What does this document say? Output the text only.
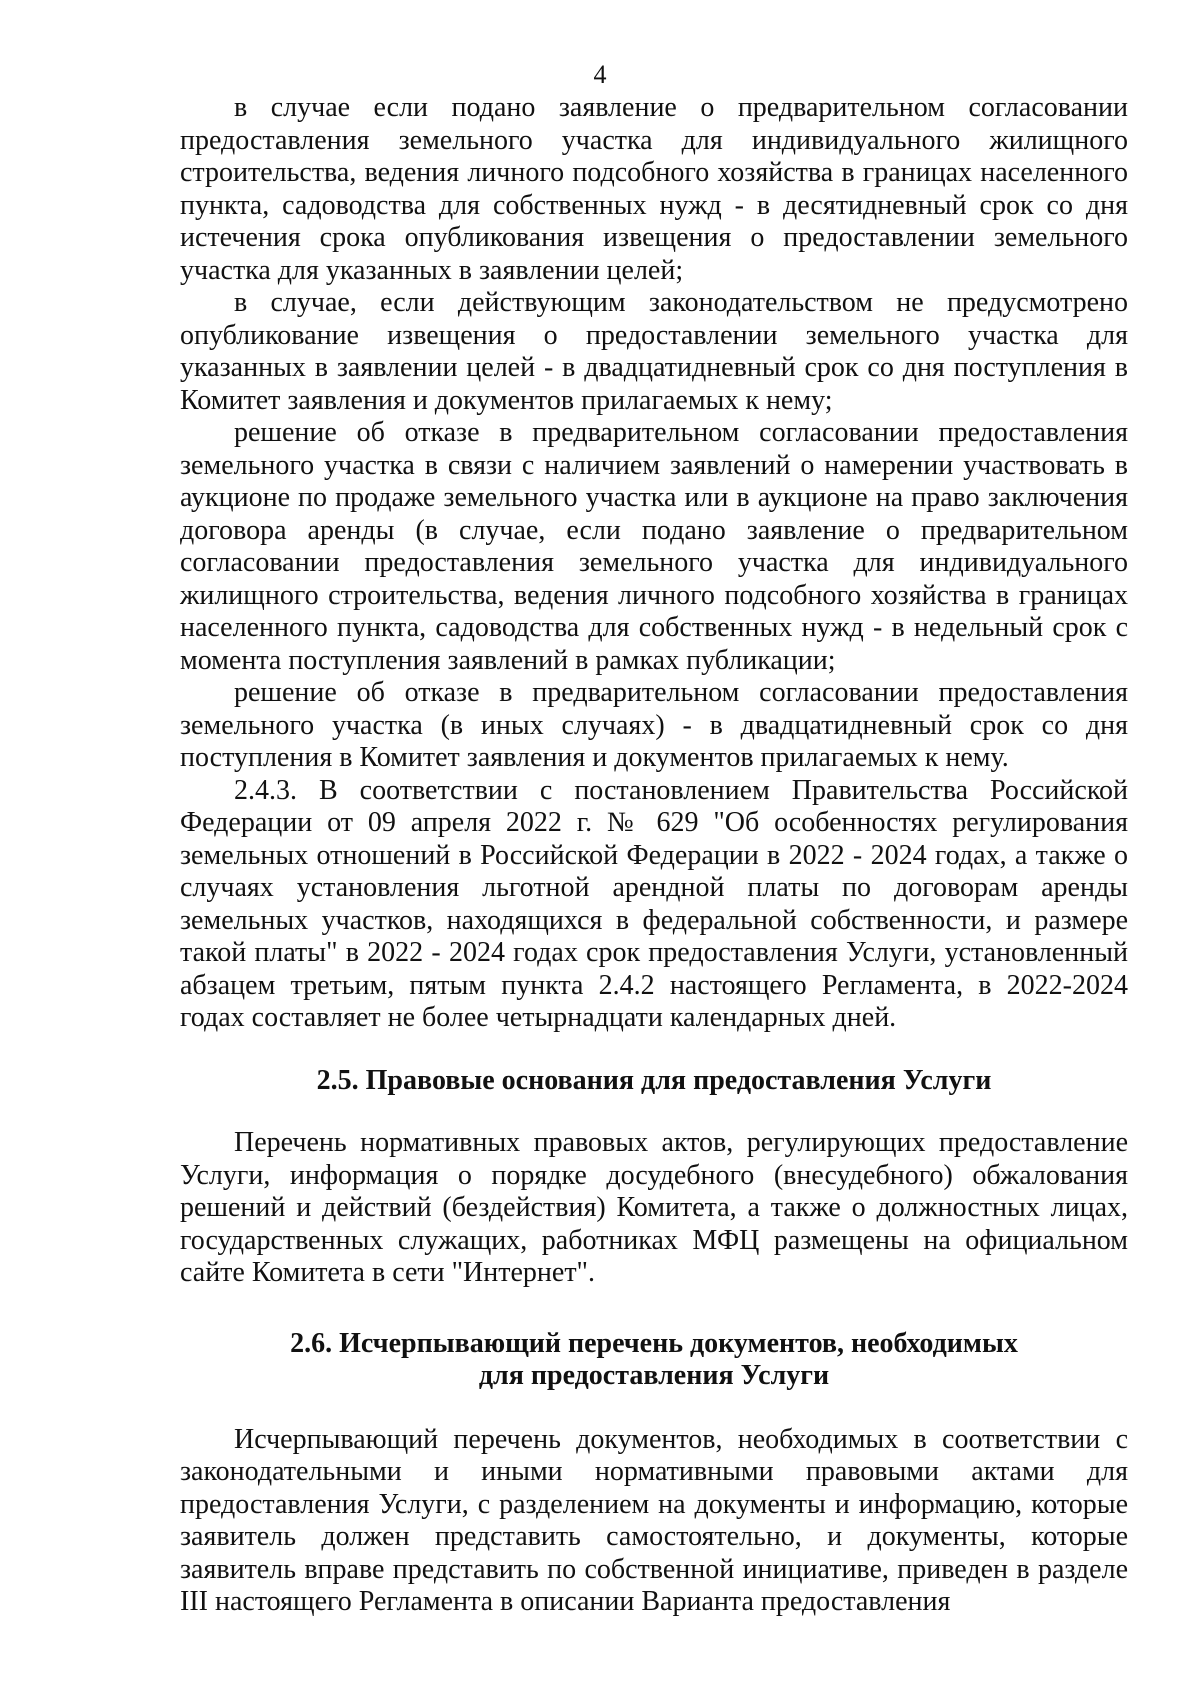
4

в случае если подано заявление о предварительном согласовании предоставления земельного участка для индивидуального жилищного строительства, ведения личного подсобного хозяйства в границах населенного пункта, садоводства для собственных нужд - в десятидневный срок со дня истечения срока опубликования извещения о предоставлении земельного участка для указанных в заявлении целей;

в случае, если действующим законодательством не предусмотрено опубликование извещения о предоставлении земельного участка для указанных в заявлении целей - в двадцатидневный срок со дня поступления в Комитет заявления и документов прилагаемых к нему;

решение об отказе в предварительном согласовании предоставления земельного участка в связи с наличием заявлений о намерении участвовать в аукционе по продаже земельного участка или в аукционе на право заключения договора аренды (в случае, если подано заявление о предварительном согласовании предоставления земельного участка для индивидуального жилищного строительства, ведения личного подсобного хозяйства в границах населенного пункта, садоводства для собственных нужд - в недельный срок с момента поступления заявлений в рамках публикации;

решение об отказе в предварительном согласовании предоставления земельного участка (в иных случаях) - в двадцатидневный срок со дня поступления в Комитет заявления и документов прилагаемых к нему.

2.4.3. В соответствии с постановлением Правительства Российской Федерации от 09 апреля 2022 г. № 629 "Об особенностях регулирования земельных отношений в Российской Федерации в 2022 - 2024 годах, а также о случаях установления льготной арендной платы по договорам аренды земельных участков, находящихся в федеральной собственности, и размере такой платы" в 2022 - 2024 годах срок предоставления Услуги, установленный абзацем третьим, пятым пункта 2.4.2 настоящего Регламента, в 2022-2024 годах составляет не более четырнадцати календарных дней.

2.5. Правовые основания для предоставления Услуги

Перечень нормативных правовых актов, регулирующих предоставление Услуги, информация о порядке досудебного (внесудебного) обжалования решений и действий (бездействия) Комитета, а также о должностных лицах, государственных служащих, работниках МФЦ размещены на официальном сайте Комитета в сети "Интернет".

2.6. Исчерпывающий перечень документов, необходимых
для предоставления Услуги

Исчерпывающий перечень документов, необходимых в соответствии с законодательными и иными нормативными правовыми актами для предоставления Услуги, с разделением на документы и информацию, которые заявитель должен представить самостоятельно, и документы, которые заявитель вправе представить по собственной инициативе, приведен в разделе III настоящего Регламента в описании Варианта предоставления
